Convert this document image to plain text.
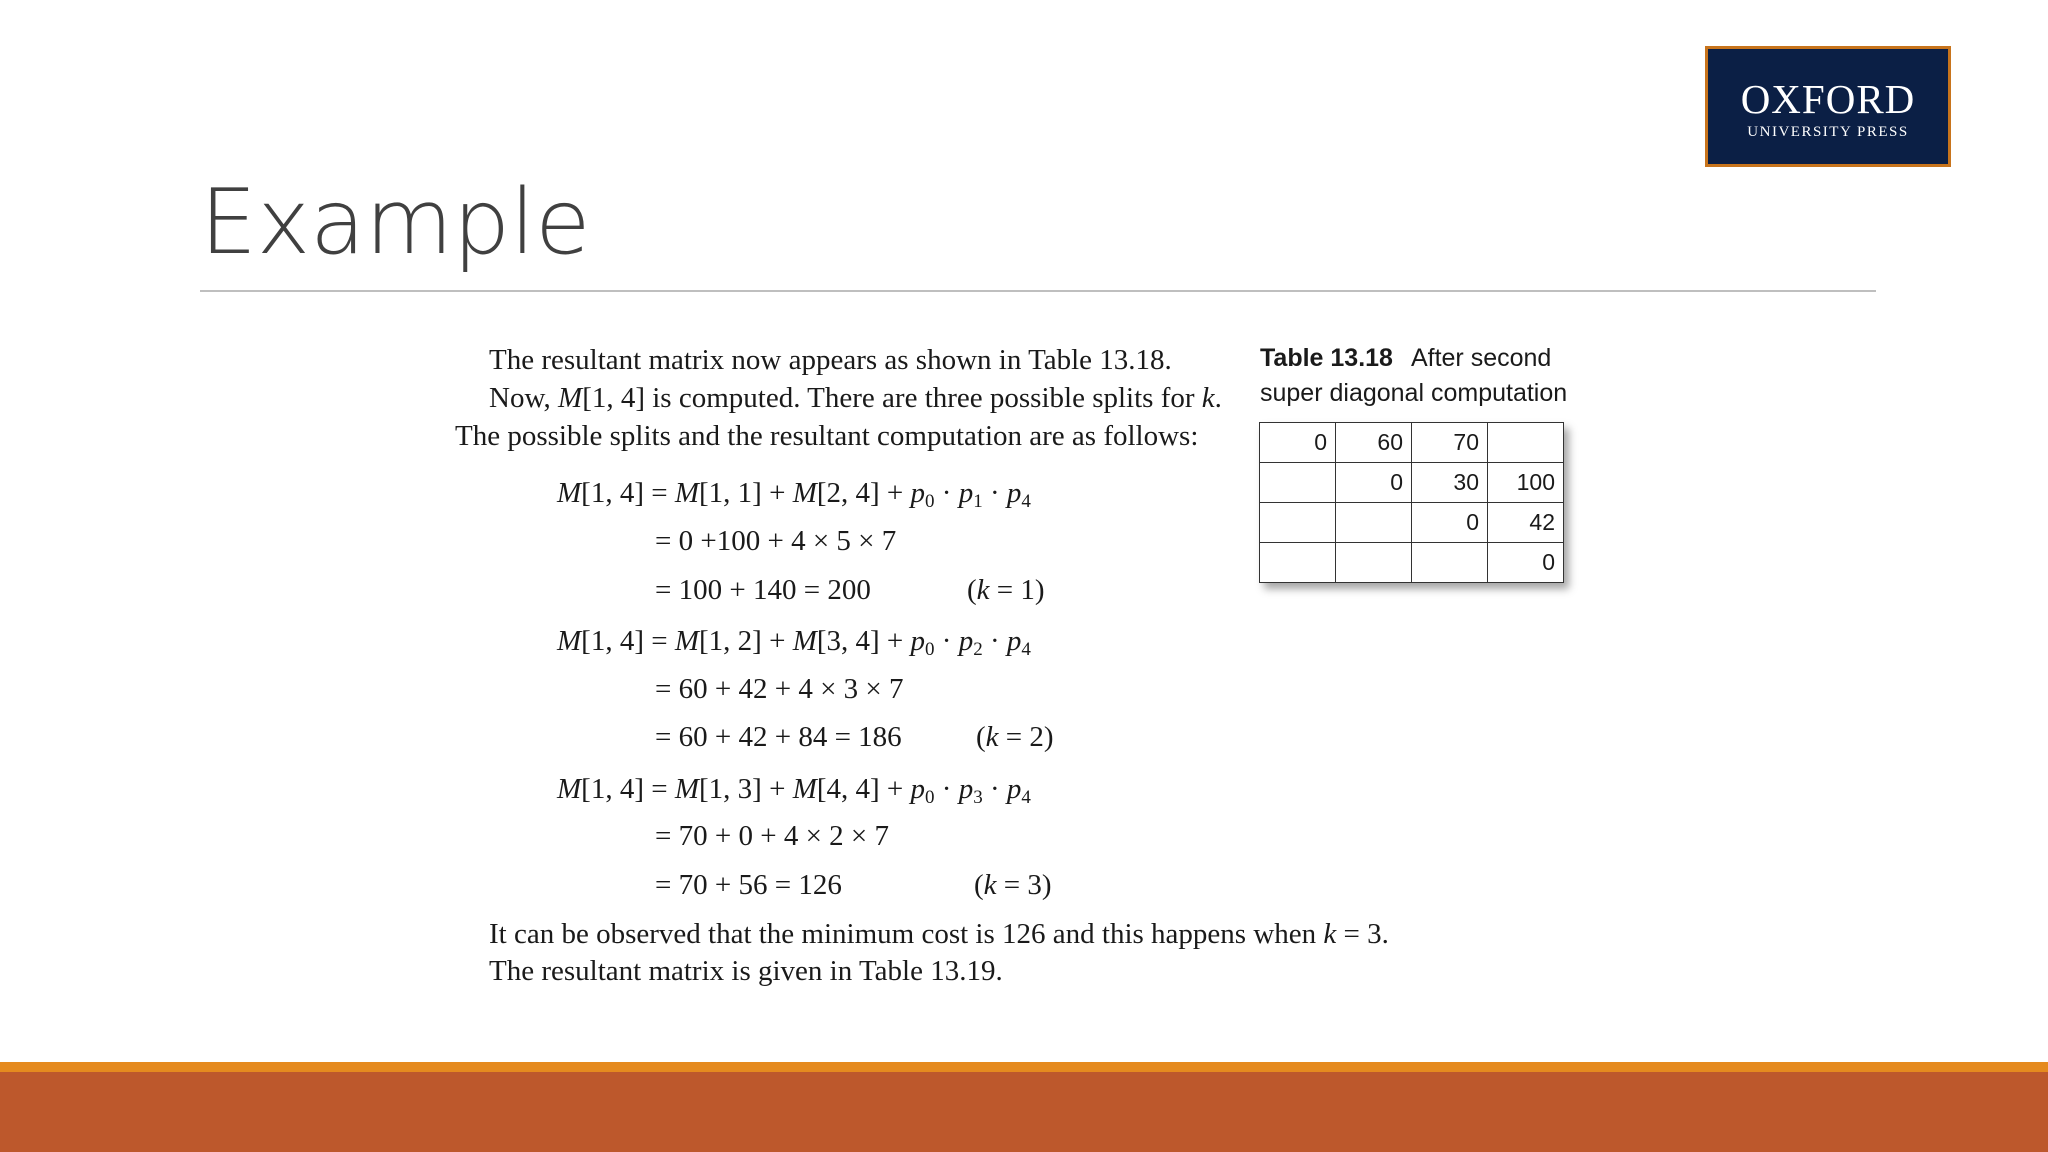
OXFORD
UNIVERSITY PRESS
Example

The resultant matrix now appears as shown in Table 13.18.

Now, M[1, 4] is computed. There are three possible splits for k.

The possible splits and the resultant computation are as follows:

M[1, 4] = M[1, 1] + M[2, $4] + p_0 \cdot p_1 \cdot p_4$

= 0 +100 + 4 × 5 × 7

= 100 + 140 = 200	(k = 1)

M[1, 4] = M[1, 2] + M[3, $4] + p_0 \cdot p_2 \cdot p_4$

= 60 + 42 + 4 × 3 × 7

= 60 + 42 + 84 = 186	(k = 2)

M[1, 4] = M[1, 3] + M[4, $4] + p_0 \cdot p_3 \cdot p_4$

= 70 + 0 + 4 × 2 × 7

= 70 + 56 = 126	(k = 3)

It can be observed that the minimum cost is 126 and this happens when k = 3.

The resultant matrix is given in Table 13.19.

Table 13.18 After second
super diagonal computation
0	60	70	
	0	30	100
		0	42
			0
